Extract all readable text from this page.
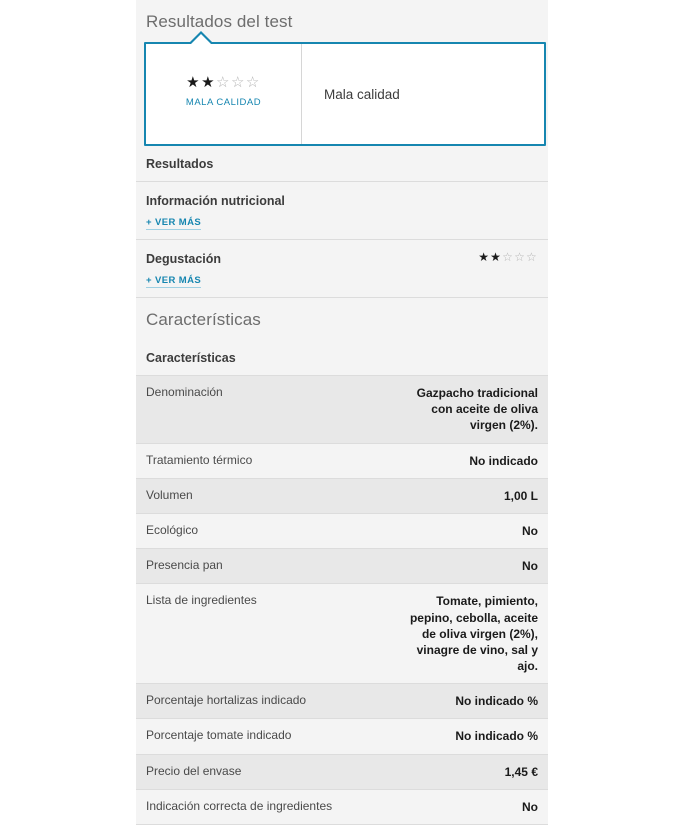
Resultados del test
★★☆☆☆
MALA CALIDAD
Mala calidad
Resultados
Información nutricional
+ VER MÁS
Degustación	★★☆☆☆

+ VER MÁS
Características
Características
Denominación	Gazpacho tradicional con aceite de oliva virgen (2%).
Tratamiento térmico	No indicado
Volumen	1,00 L
Ecológico	No
Presencia pan	No
Lista de ingredientes	Tomate, pimiento, pepino, cebolla, aceite de oliva virgen (2%), vinagre de vino, sal y ajo.
Porcentaje hortalizas indicado	No indicado %
Porcentaje tomate indicado	No indicado %
Precio del envase	1,45 €
Indicación correcta de ingredientes	No
